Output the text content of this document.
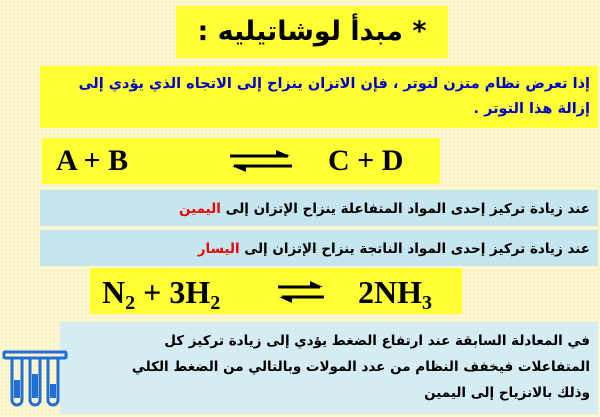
* مبدأ لوشاتيليه :
إذا تعرض نظام متزن لتوتر ، فإن الاتزان ينزاح إلى الاتجاه الذي يؤدي إلى
إزالة هذا التوتر .
A + B	C + D
عند زيادة تركيز إحدى المواد المتفاعلة ينزاح الإتزان إلى اليمين
عند زيادة تركيز إحدى المواد الناتجة ينزاح الإتزان إلى اليسار
$N_2 + 3H_2$	$2NH_3$
في المعادلة السابقة عند ارتفاع الضغط يؤدي إلى زيادة تركيز كل
المتفاعلات فيخفف النظام من عدد المولات وبالتالي من الضغط الكلي
وذلك بالانزياح إلى اليمين
